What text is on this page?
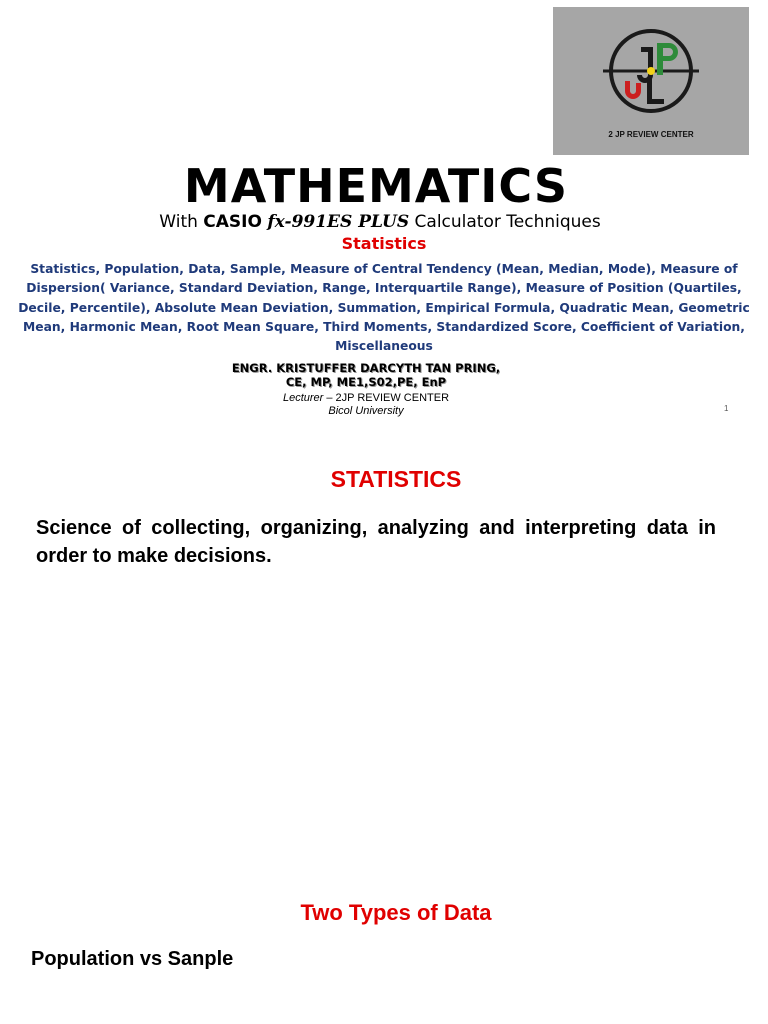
2 JP REVIEW CENTER
MATHEMATICS
With CASIO fx-991ES PLUS Calculator Techniques
Statistics
Statistics, Population, Data, Sample, Measure of Central Tendency (Mean, Median, Mode), Measure of Dispersion( Variance, Standard Deviation, Range, Interquartile Range), Measure of Position (Quartiles, Decile, Percentile), Absolute Mean Deviation, Summation, Empirical Formula, Quadratic Mean, Geometric Mean, Harmonic Mean, Root Mean Square, Third Moments, Standardized Score, Coefficient of Variation, Miscellaneous
ENGR. KRISTUFFER DARCYTH TAN PRING,
CE, MP, ME1,S02,PE, EnP
Lecturer – 2JP REVIEW CENTER
Bicol University	1
STATISTICS
Science of collecting, organizing, analyzing and interpreting data in order to make decisions.
Two Types of Data
Population vs Sanple
